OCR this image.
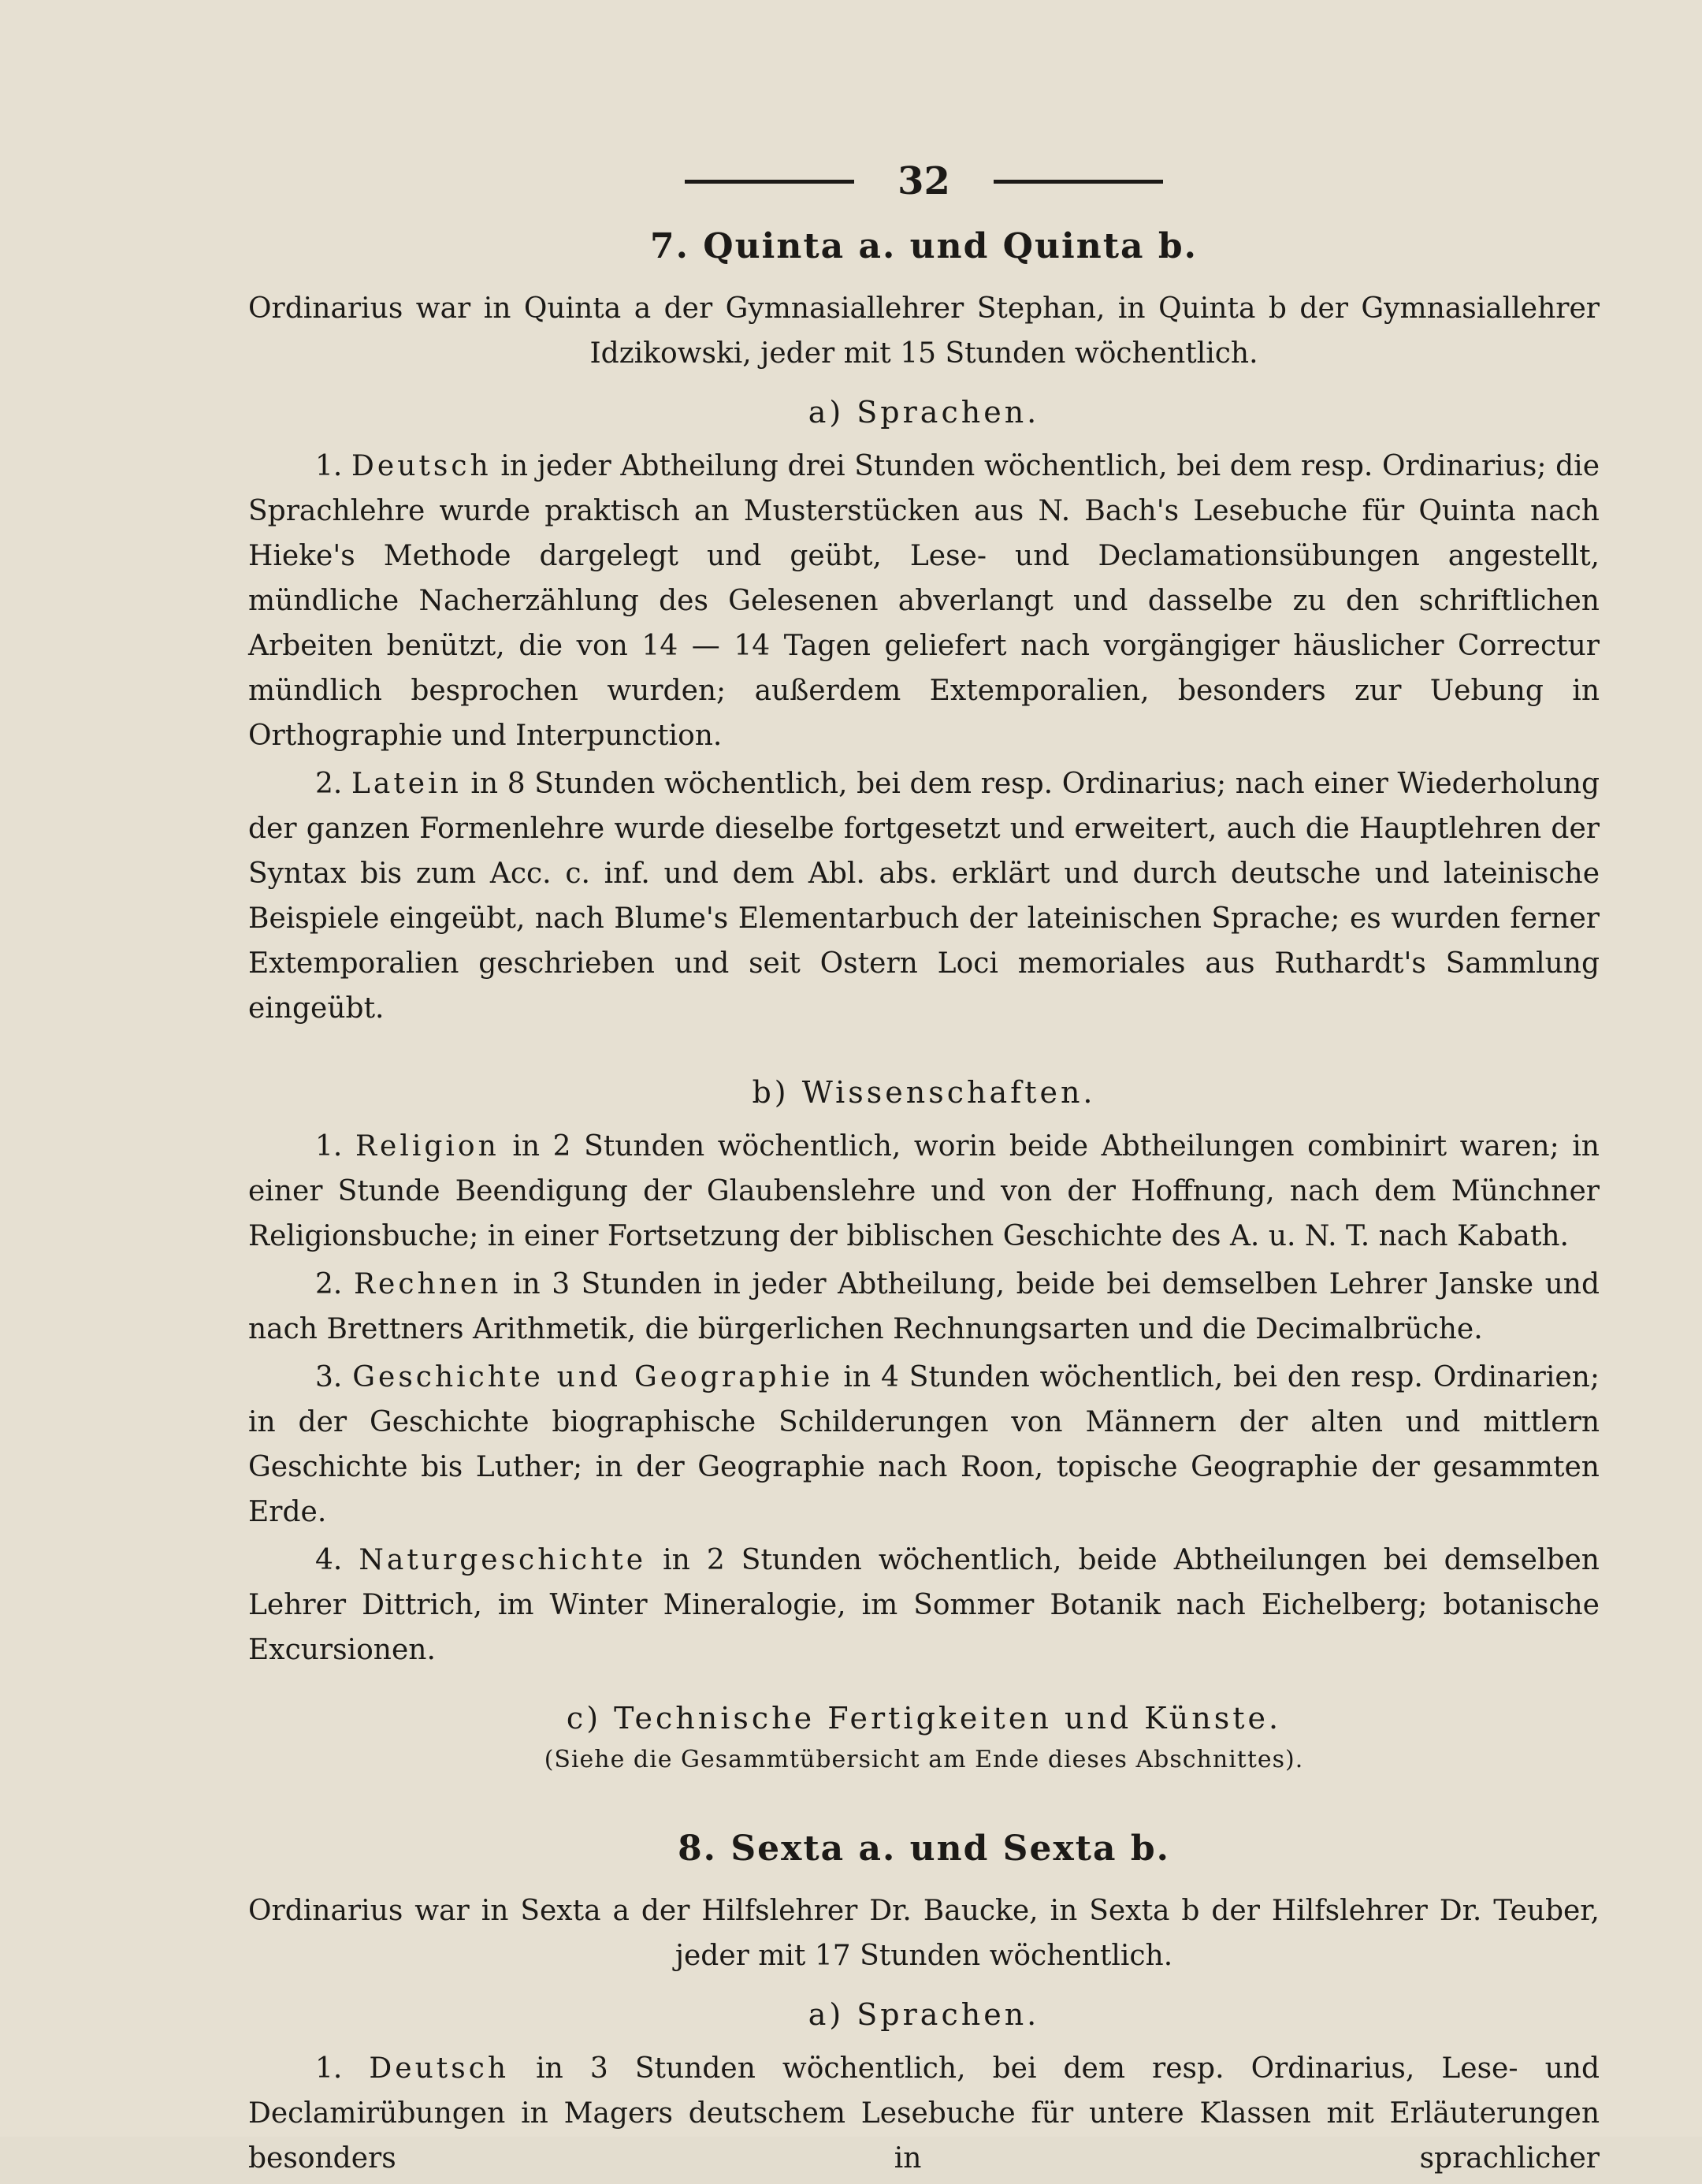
32
7. Quinta a. und Quinta b.

Ordinarius war in Quinta a der Gymnasiallehrer Stephan, in Quinta b der Gymnasiallehrer Idzikowski, jeder mit 15 Stunden wöchentlich.

a) Sprachen.

1. Deutsch in jeder Abtheilung drei Stunden wöchentlich, bei dem resp. Ordinarius; die Sprachlehre wurde praktisch an Musterstücken aus N. Bach's Lesebuche für Quinta nach Hieke's Methode dargelegt und geübt, Lese- und Declamationsübungen angestellt, mündliche Nacherzählung des Gelesenen abverlangt und dasselbe zu den schriftlichen Arbeiten benützt, die von 14 — 14 Tagen geliefert nach vorgängiger häuslicher Correctur mündlich besprochen wurden; außerdem Extemporalien, besonders zur Uebung in Orthographie und Interpunction.

2. Latein in 8 Stunden wöchentlich, bei dem resp. Ordinarius; nach einer Wiederholung der ganzen Formenlehre wurde dieselbe fortgesetzt und erweitert, auch die Hauptlehren der Syntax bis zum Acc. c. inf. und dem Abl. abs. erklärt und durch deutsche und lateinische Beispiele eingeübt, nach Blume's Elementarbuch der lateinischen Sprache; es wurden ferner Extemporalien geschrieben und seit Ostern Loci memoriales aus Ruthardt's Sammlung eingeübt.

b) Wissenschaften.

1. Religion in 2 Stunden wöchentlich, worin beide Abtheilungen combinirt waren; in einer Stunde Beendigung der Glaubenslehre und von der Hoffnung, nach dem Münchner Religionsbuche; in einer Fortsetzung der biblischen Geschichte des A. u. N. T. nach Kabath.

2. Rechnen in 3 Stunden in jeder Abtheilung, beide bei demselben Lehrer Janske und nach Brettners Arithmetik, die bürgerlichen Rechnungsarten und die Decimalbrüche.

3. Geschichte und Geographie in 4 Stunden wöchentlich, bei den resp. Ordinarien; in der Geschichte biographische Schilderungen von Männern der alten und mittlern Geschichte bis Luther; in der Geographie nach Roon, topische Geographie der gesammten Erde.

4. Naturgeschichte in 2 Stunden wöchentlich, beide Abtheilungen bei demselben Lehrer Dittrich, im Winter Mineralogie, im Sommer Botanik nach Eichelberg; botanische Excursionen.

c) Technische Fertigkeiten und Künste.
(Siehe die Gesammtübersicht am Ende dieses Abschnittes).
8. Sexta a. und Sexta b.

Ordinarius war in Sexta a der Hilfslehrer Dr. Baucke, in Sexta b der Hilfslehrer Dr. Teuber, jeder mit 17 Stunden wöchentlich.

a) Sprachen.

1. Deutsch in 3 Stunden wöchentlich, bei dem resp. Ordinarius, Lese- und Declamirübungen in Magers deutschem Lesebuche für untere Klassen mit Erläuterungen besonders in sprachlicher
